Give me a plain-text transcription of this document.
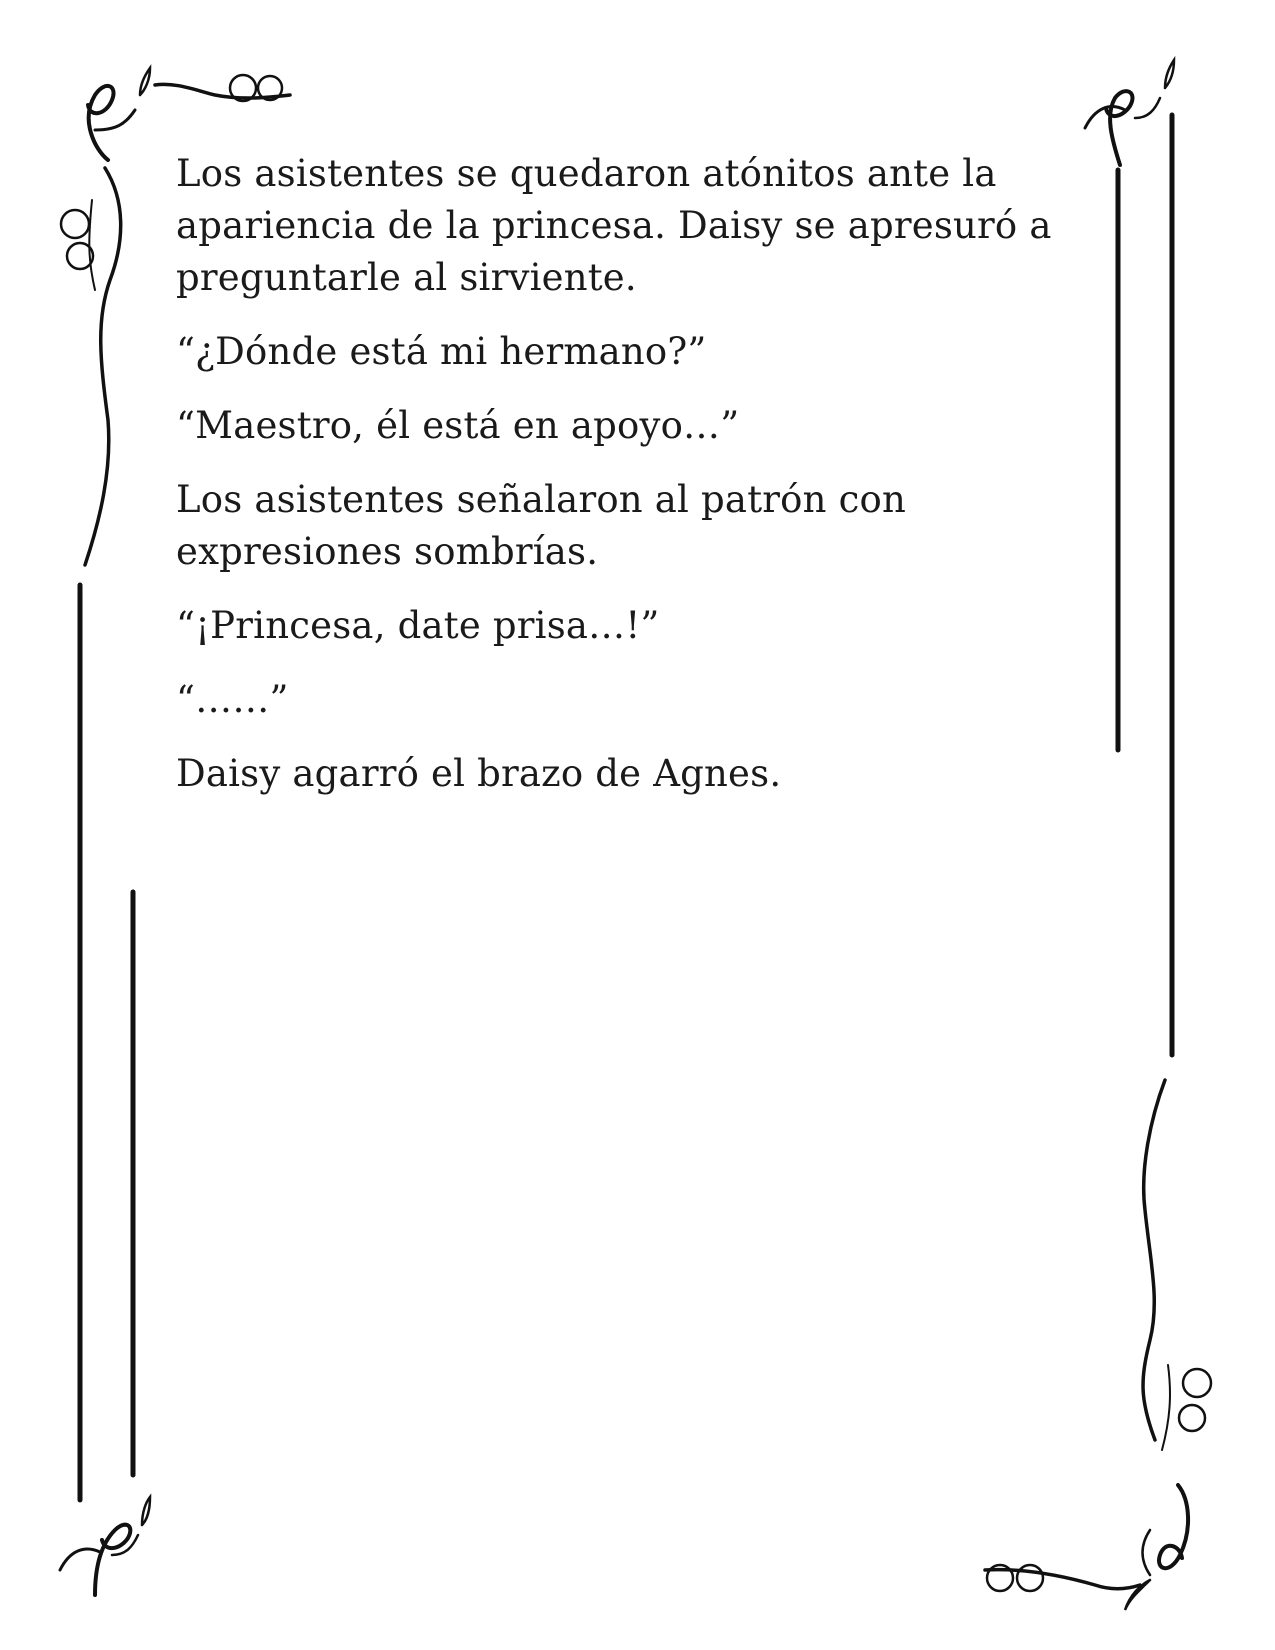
Los asistentes se quedaron atónitos ante la apariencia de la princesa. Daisy se apresuró a preguntarle al sirviente.

“¿Dónde está mi hermano?”

“Maestro, él está en apoyo…”

Los asistentes señalaron al patrón con expresiones sombrías.

“¡Princesa, date prisa…!”

“……”

Daisy agarró el brazo de Agnes.
